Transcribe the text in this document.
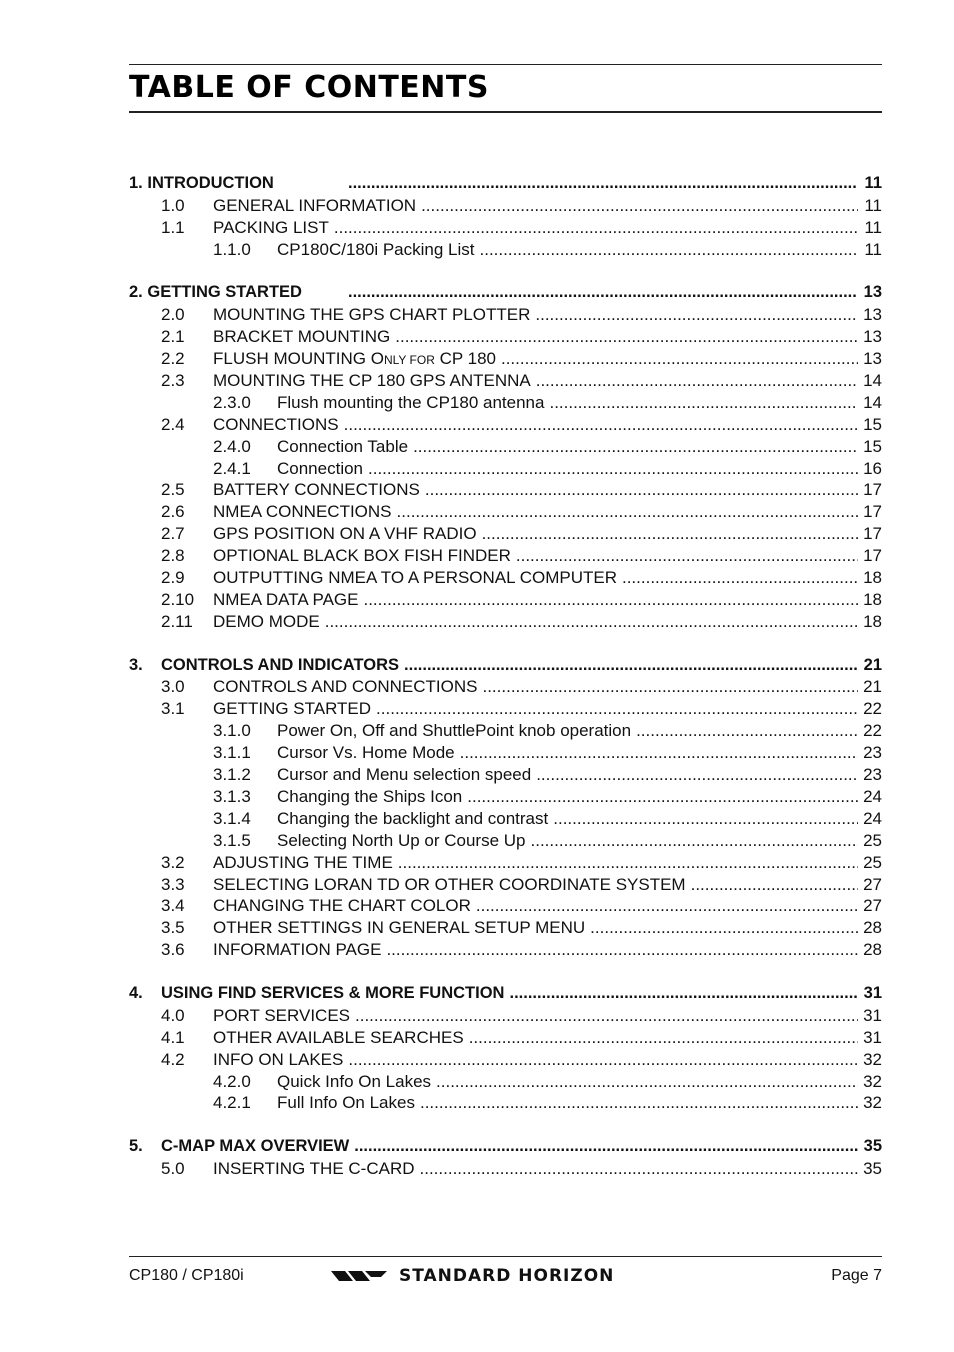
TABLE OF CONTENTS
1. INTRODUCTION .....	11
1.0 GENERAL INFORMATION .....	11
1.1 PACKING LIST .....	11
1.1.0 CP180C/180i Packing List .....	11
2. GETTING STARTED .....	13
2.0 MOUNTING THE GPS CHART PLOTTER .....	13
2.1 BRACKET MOUNTING .....	13
2.2 FLUSH MOUNTING ONLY FOR CP 180 .....	13
2.3 MOUNTING THE CP 180 GPS ANTENNA .....	14
2.3.0 Flush mounting the CP180 antenna .....	14
2.4 CONNECTIONS .....	15
2.4.0 Connection Table .....	15
2.4.1 Connection .....	16
2.5 BATTERY CONNECTIONS .....	17
2.6 NMEA CONNECTIONS .....	17
2.7 GPS POSITION ON A VHF RADIO .....	17
2.8 OPTIONAL BLACK BOX FISH FINDER .....	17
2.9 OUTPUTTING NMEA TO A PERSONAL COMPUTER .....	18
2.10 NMEA DATA PAGE .....	18
2.11 DEMO MODE .....	18
3. CONTROLS AND INDICATORS .....	21
3.0 CONTROLS AND CONNECTIONS .....	21
3.1 GETTING STARTED .....	22
3.1.0 Power On, Off and ShuttlePoint knob operation .....	22
3.1.1 Cursor Vs. Home Mode .....	23
3.1.2 Cursor and Menu selection speed .....	23
3.1.3 Changing the Ships Icon .....	24
3.1.4 Changing the backlight and contrast .....	24
3.1.5 Selecting North Up or Course Up .....	25
3.2 ADJUSTING THE TIME .....	25
3.3 SELECTING LORAN TD OR OTHER COORDINATE SYSTEM .....	27
3.4 CHANGING THE CHART COLOR .....	27
3.5 OTHER SETTINGS IN GENERAL SETUP MENU .....	28
3.6 INFORMATION PAGE .....	28
4. USING FIND SERVICES & MORE FUNCTION .....	31
4.0 PORT SERVICES .....	31
4.1 OTHER AVAILABLE SEARCHES .....	31
4.2 INFO ON LAKES .....	32
4.2.0 Quick Info On Lakes .....	32
4.2.1 Full Info On Lakes .....	32
5. C-MAP MAX OVERVIEW .....	35
5.0 INSERTING THE C-CARD .....	35
CP180 / CP180i	STANDARD HORIZON	Page 7
